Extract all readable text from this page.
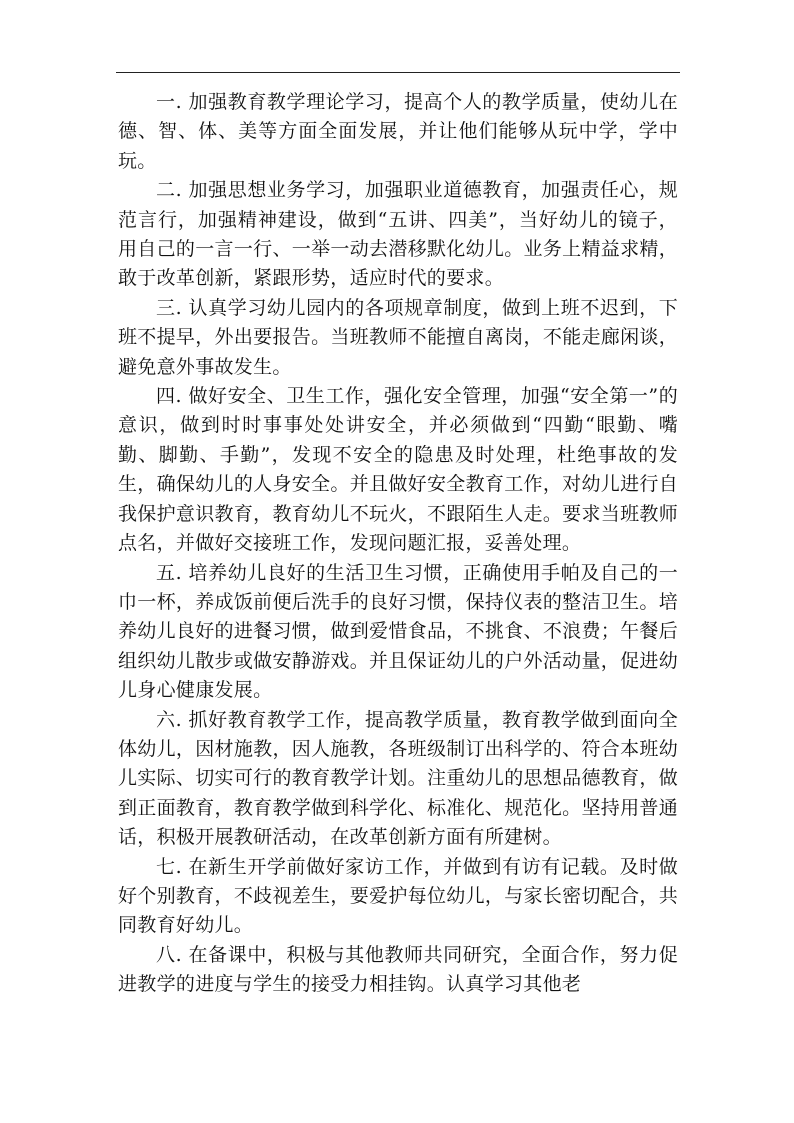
一. 加强教育教学理论学习，提高个人的教学质量，使幼儿在德、智、体、美等方面全面发展，并让他们能够从玩中学，学中玩。

二. 加强思想业务学习，加强职业道德教育，加强责任心，规范言行，加强精神建设，做到“五讲、四美”，当好幼儿的镜子，用自己的一言一行、一举一动去潜移默化幼儿。业务上精益求精，敢于改革创新，紧跟形势，适应时代的要求。

三. 认真学习幼儿园内的各项规章制度，做到上班不迟到，下班不提早，外出要报告。当班教师不能擅自离岗，不能走廊闲谈，避免意外事故发生。

四. 做好安全、卫生工作，强化安全管理，加强“安全第一”的意识，做到时时事事处处讲安全，并必须做到“四勤“眼勤、嘴勤、脚勤、手勤”，发现不安全的隐患及时处理，杜绝事故的发生，确保幼儿的人身安全。并且做好安全教育工作，对幼儿进行自我保护意识教育，教育幼儿不玩火，不跟陌生人走。要求当班教师点名，并做好交接班工作，发现问题汇报，妥善处理。

五. 培养幼儿良好的生活卫生习惯，正确使用手帕及自己的一巾一杯，养成饭前便后洗手的良好习惯，保持仪表的整洁卫生。培养幼儿良好的进餐习惯，做到爱惜食品，不挑食、不浪费；午餐后组织幼儿散步或做安静游戏。并且保证幼儿的户外活动量，促进幼儿身心健康发展。

六. 抓好教育教学工作，提高教学质量，教育教学做到面向全体幼儿，因材施教，因人施教，各班级制订出科学的、符合本班幼儿实际、切实可行的教育教学计划。注重幼儿的思想品德教育，做到正面教育，教育教学做到科学化、标准化、规范化。坚持用普通话，积极开展教研活动，在改革创新方面有所建树。

七. 在新生开学前做好家访工作，并做到有访有记载。及时做好个别教育，不歧视差生，要爱护每位幼儿，与家长密切配合，共同教育好幼儿。

八. 在备课中，积极与其他教师共同研究，全面合作，努力促进教学的进度与学生的接受力相挂钩。认真学习其他老
